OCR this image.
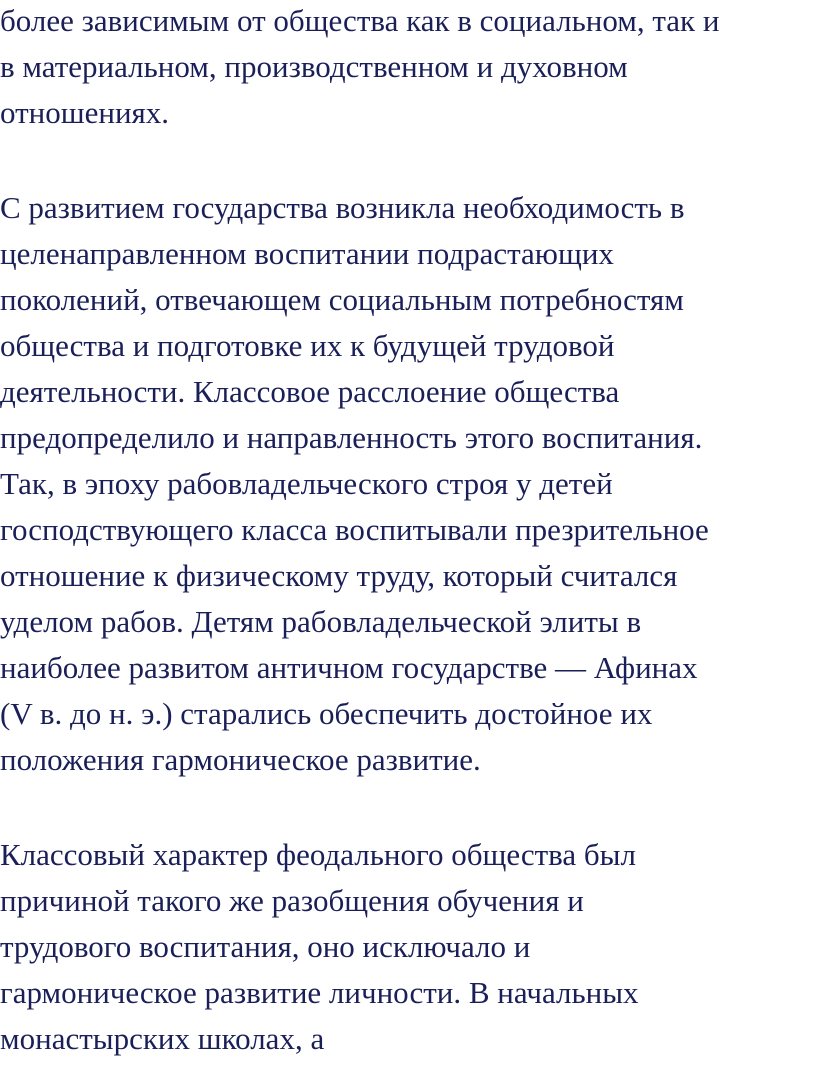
более зависимым от общества как в социальном, так и
в материальном, производственном и духовном
отношениях.
С развитием государства возникла необходимость в
целенаправленном воспитании подрастающих
поколений, отвечающем социальным потребностям
общества и подготовке их к будущей трудовой
деятельности. Классовое расслоение общества
предопределило и направленность этого воспитания.
Так, в эпоху рабовладельческого строя у детей
господствующего класса воспитывали презрительное
отношение к физическому труду, который считался
уделом рабов. Детям рабовладельческой элиты в
наиболее развитом античном государстве — Афинах
(V в. до н. э.) старались обеспечить достойное их
положения гармоническое развитие.
Классовый характер феодального общества был
причиной такого же разобщения обучения и
трудового воспитания, оно исключало и
гармоническое развитие личности. В начальных
монастырских школах, а
